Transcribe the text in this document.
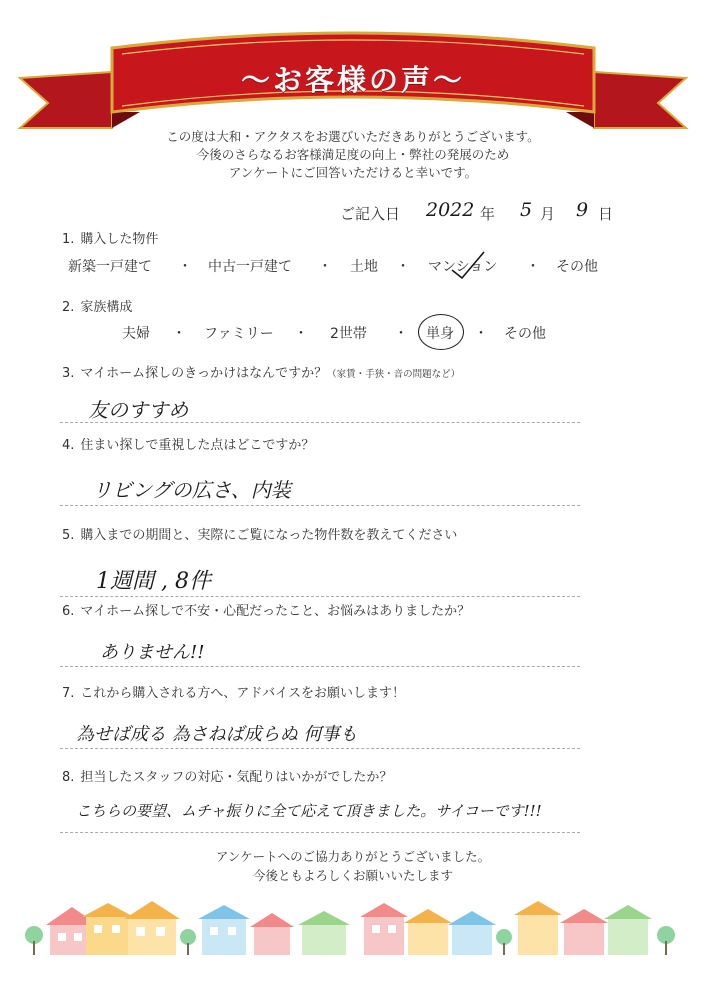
〜お客様の声〜
この度は大和・アクタスをお選びいただきありがとうございます。
今後のさらなるお客様満足度の向上・弊社の発展のため
アンケートにご回答いただけると幸いです。
ご記入日 2022 年 5 月 9 日
1. 購入した物件
新築一戸建て ・ 中古一戸建て ・ 土地 ・ マンション ・ その他
2. 家族構成
夫婦 ・ ファミリー ・ 2世帯 ・ 単身 ・ その他
3. マイホーム探しのきっかけはなんですか？（家賃・手狭・音の問題など）
友のすすめ
4. 住まい探しで重視した点はどこですか？
リビングの広さ、内装
5. 購入までの期間と、実際にご覧になった物件数を教えてください
1週間 , 8件
6. マイホーム探しで不安・心配だったこと、お悩みはありましたか？
ありません!!
7. これから購入される方へ、アドバイスをお願いします！
為せば成る 為さねば成らぬ 何事も
8. 担当したスタッフの対応・気配りはいかがでしたか？
こちらの要望、ムチャ振りに全て応えて頂きました。サイコーです!!!
アンケートへのご協力ありがとうございました。
今後ともよろしくお願いいたします
